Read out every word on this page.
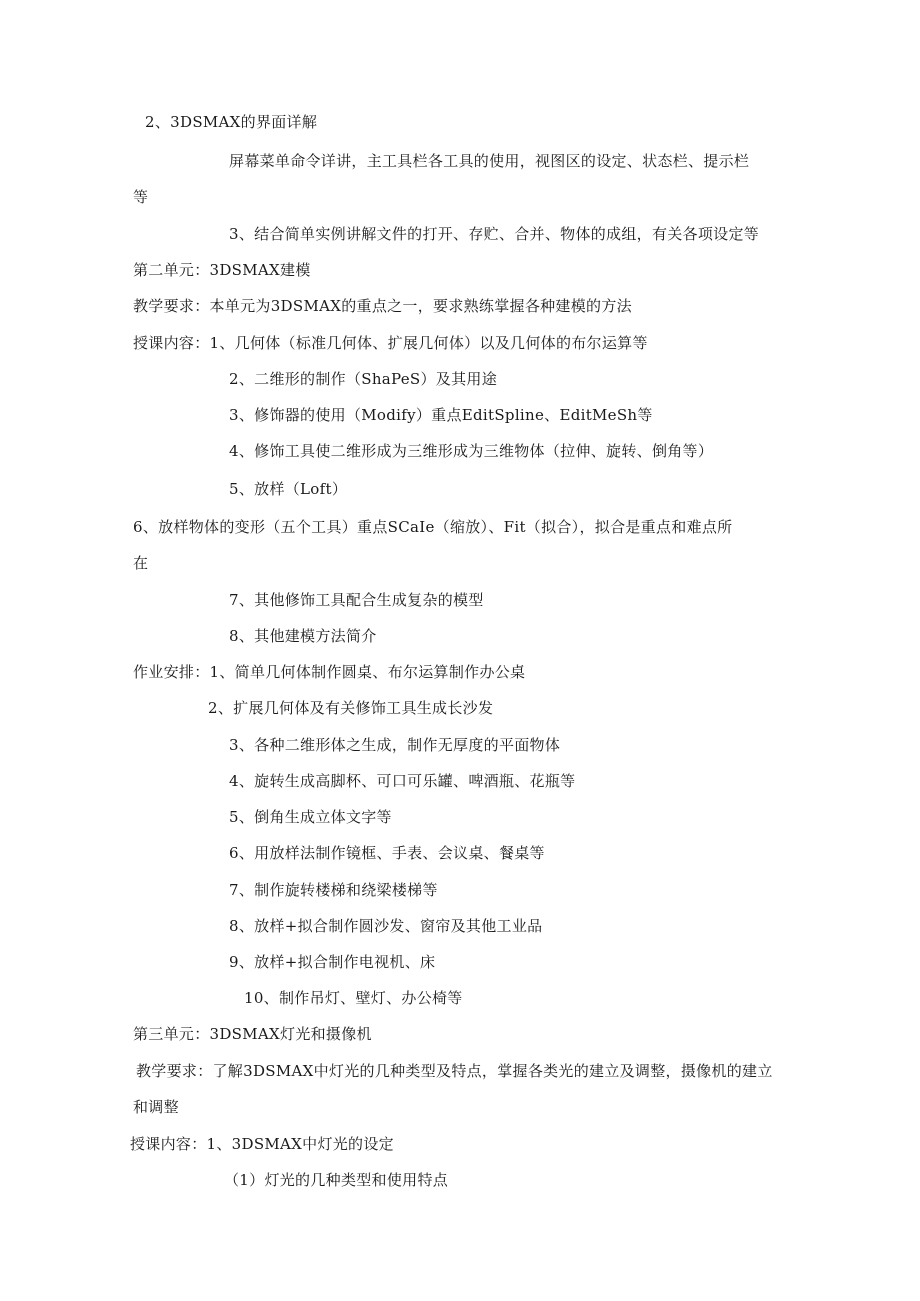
2、3DSMAX的界面详解
屏幕菜单命令详讲，主工具栏各工具的使用，视图区的设定、状态栏、提示栏
等
3、结合简单实例讲解文件的打开、存贮、合并、物体的成组，有关各项设定等
第二单元：3DSMAX建模
教学要求：本单元为3DSMAX的重点之一，要求熟练掌握各种建模的方法
授课内容：1、几何体（标准几何体、扩展几何体）以及几何体的布尔运算等
2、二维形的制作（ShaPeS）及其用途
3、修饰器的使用（Modify）重点EditSpline、EditMeSh等
4、修饰工具使二维形成为三维形成为三维物体（拉伸、旋转、倒角等）
5、放样（Loft）
6、放样物体的变形（五个工具）重点SCaIe（缩放）、Fit（拟合），拟合是重点和难点所
在
7、其他修饰工具配合生成复杂的模型
8、其他建模方法简介
作业安排：1、简单几何体制作圆桌、布尔运算制作办公桌
2、扩展几何体及有关修饰工具生成长沙发
3、各种二维形体之生成，制作无厚度的平面物体
4、旋转生成高脚杯、可口可乐罐、啤酒瓶、花瓶等
5、倒角生成立体文字等
6、用放样法制作镜框、手表、会议桌、餐桌等
7、制作旋转楼梯和绕梁楼梯等
8、放样+拟合制作圆沙发、窗帘及其他工业品
9、放样+拟合制作电视机、床
10、制作吊灯、壁灯、办公椅等
第三单元：3DSMAX灯光和摄像机
教学要求：了解3DSMAX中灯光的几种类型及特点，掌握各类光的建立及调整，摄像机的建立
和调整
授课内容：1、3DSMAX中灯光的设定
（1）灯光的几种类型和使用特点
